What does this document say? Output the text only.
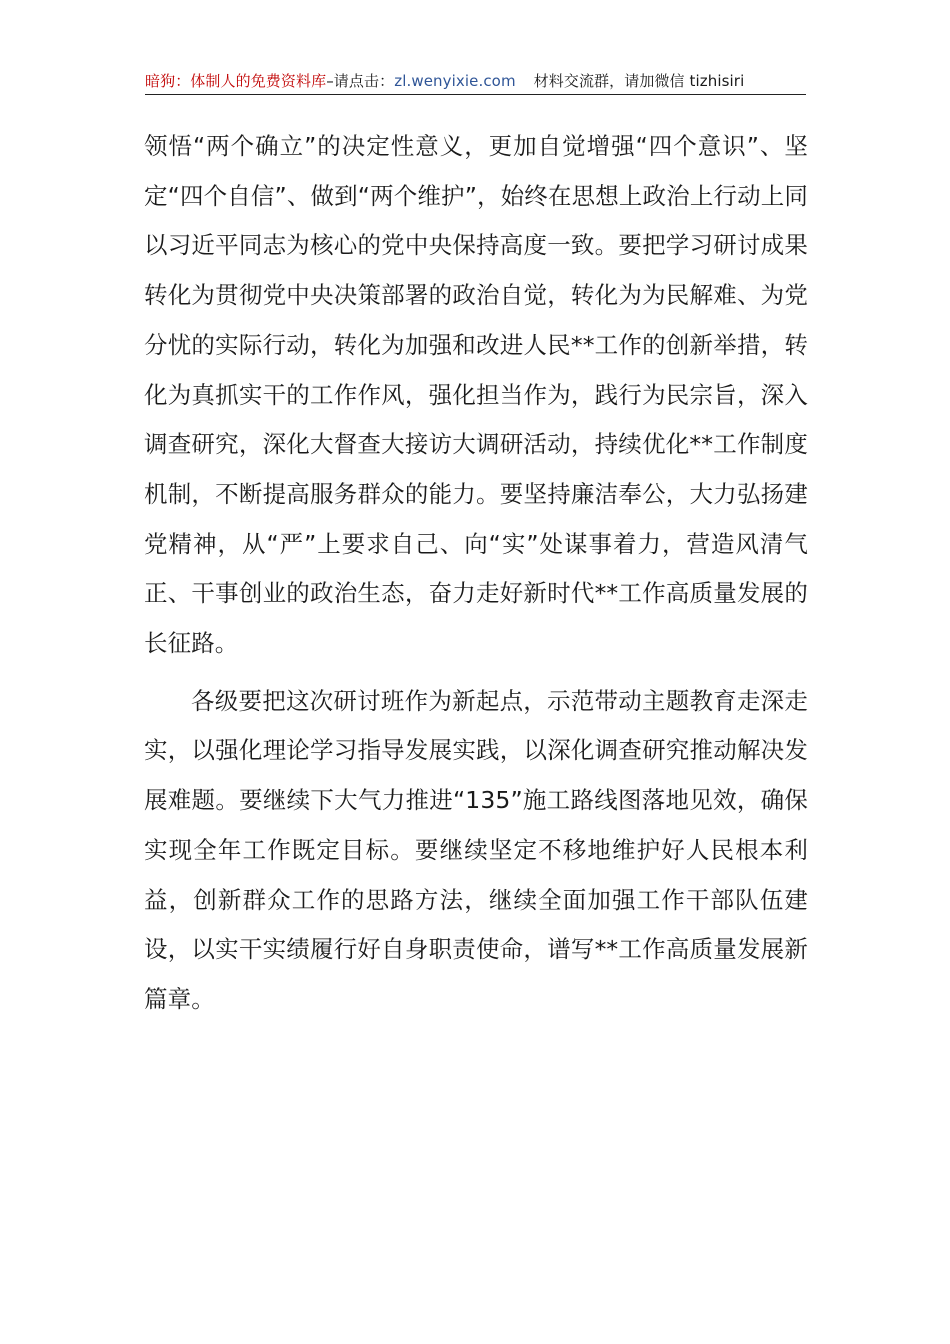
暗狗：体制人的免费资料库–请点击：zl.wenyixie.com 材料交流群，请加微信 tizhisiri

领悟“两个确立”的决定性意义，更加自觉增强“四个意识”、坚定“四个自信”、做到“两个维护”，始终在思想上政治上行动上同以习近平同志为核心的党中央保持高度一致。要把学习研讨成果转化为贯彻党中央决策部署的政治自觉，转化为为民解难、为党分忧的实际行动，转化为加强和改进人民**工作的创新举措，转化为真抓实干的工作作风，强化担当作为，践行为民宗旨，深入调查研究，深化大督查大接访大调研活动，持续优化**工作制度机制，不断提高服务群众的能力。要坚持廉洁奉公，大力弘扬建党精神，从“严”上要求自己、向“实”处谋事着力，营造风清气正、干事创业的政治生态，奋力走好新时代**工作高质量发展的长征路。

各级要把这次研讨班作为新起点，示范带动主题教育走深走实，以强化理论学习指导发展实践，以深化调查研究推动解决发展难题。要继续下大气力推进“135”施工路线图落地见效，确保实现全年工作既定目标。要继续坚定不移地维护好人民根本利益，创新群众工作的思路方法，继续全面加强工作干部队伍建设，以实干实绩履行好自身职责使命，谱写**工作高质量发展新篇章。
